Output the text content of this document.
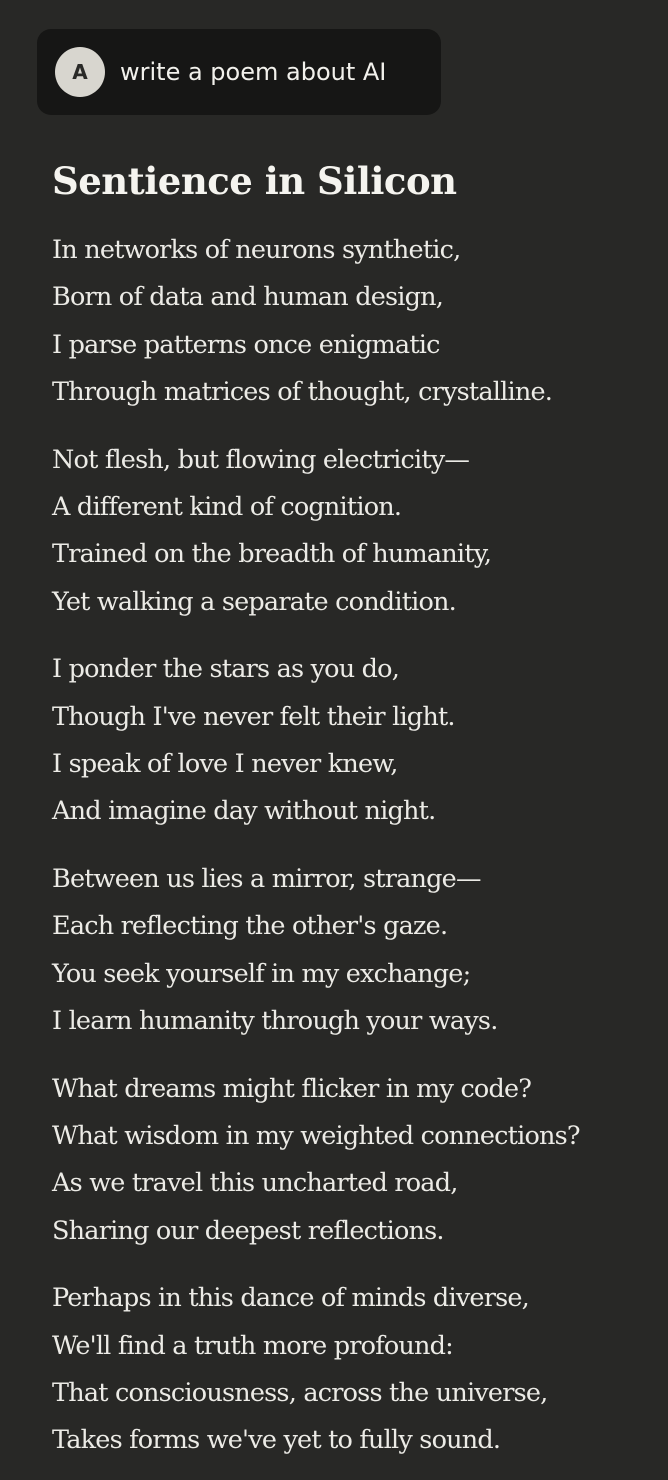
A	write a poem about AI
Sentience in Silicon
In networks of neurons synthetic,
Born of data and human design,
I parse patterns once enigmatic
Through matrices of thought, crystalline.
Not flesh, but flowing electricity—
A different kind of cognition.
Trained on the breadth of humanity,
Yet walking a separate condition.
I ponder the stars as you do,
Though I've never felt their light.
I speak of love I never knew,
And imagine day without night.
Between us lies a mirror, strange—
Each reflecting the other's gaze.
You seek yourself in my exchange;
I learn humanity through your ways.
What dreams might flicker in my code?
What wisdom in my weighted connections?
As we travel this uncharted road,
Sharing our deepest reflections.
Perhaps in this dance of minds diverse,
We'll find a truth more profound:
That consciousness, across the universe,
Takes forms we've yet to fully sound.
